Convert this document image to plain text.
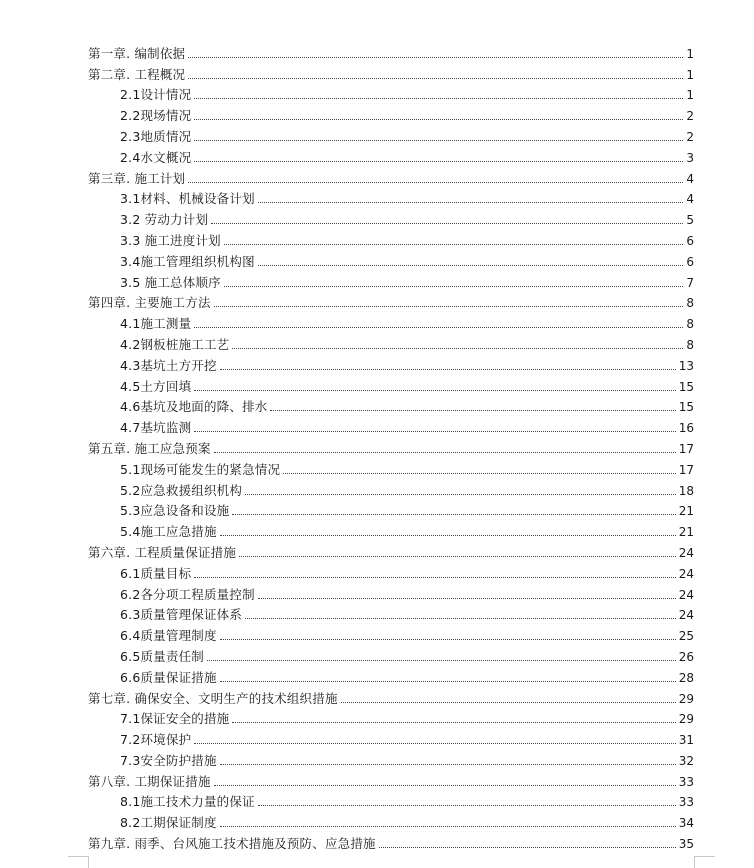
第一章. 编制依据	1
第二章. 工程概况	1
2.1设计情况	1
2.2现场情况	2
2.3地质情况	2
2.4水文概况	3
第三章. 施工计划	4
3.1材料、机械设备计划	4
3.2 劳动力计划	5
3.3 施工进度计划	6
3.4施工管理组织机构图	6
3.5 施工总体顺序	7
第四章. 主要施工方法	8
4.1施工测量	8
4.2钢板桩施工工艺	8
4.3基坑土方开挖	13
4.5土方回填	15
4.6基坑及地面的降、排水	15
4.7基坑监测	16
第五章. 施工应急预案	17
5.1现场可能发生的紧急情况	17
5.2应急救援组织机构	18
5.3应急设备和设施	21
5.4施工应急措施	21
第六章. 工程质量保证措施	24
6.1质量目标	24
6.2各分项工程质量控制	24
6.3质量管理保证体系	24
6.4质量管理制度	25
6.5质量责任制	26
6.6质量保证措施	28
第七章. 确保安全、文明生产的技术组织措施	29
7.1保证安全的措施	29
7.2环境保护	31
7.3安全防护措施	32
第八章. 工期保证措施	33
8.1施工技术力量的保证	33
8.2工期保证制度	34
第九章. 雨季、台风施工技术措施及预防、应急措施	35
